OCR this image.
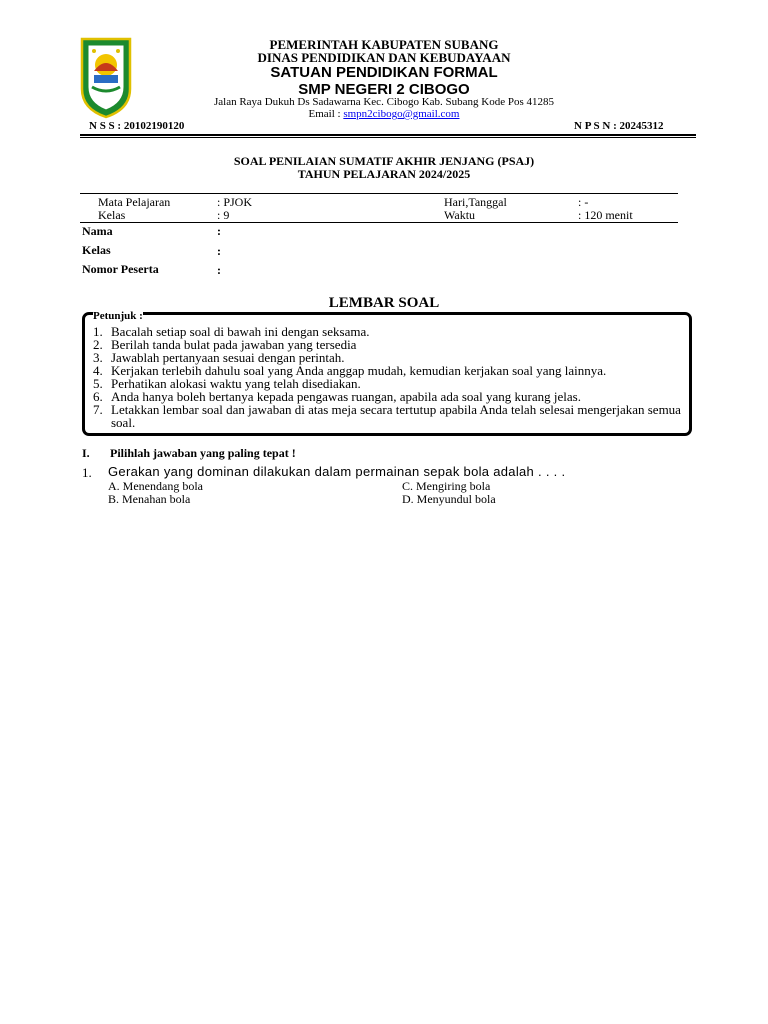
PEMERINTAH KABUPATEN SUBANG
DINAS PENDIDIKAN DAN KEBUDAYAAN
SATUAN PENDIDIKAN FORMAL
SMP NEGERI 2 CIBOGO
Jalan Raya Dukuh Ds Sadawarna Kec. Cibogo Kab. Subang Kode Pos 41285
Email : smpn2cibogo@gmail.com
N S S : 20102190120	N P S N : 20245312
SOAL PENILAIAN SUMATIF AKHIR JENJANG (PSAJ)
TAHUN PELAJARAN 2024/2025
Mata Pelajaran	: PJOK	Hari,Tanggal	: -
Kelas	: 9	Waktu	: 120 menit
Nama	:
Kelas	:
Nomor Peserta	:
LEMBAR SOAL
Petunjuk :
1. Bacalah setiap soal di bawah ini dengan seksama.
2. Berilah tanda bulat pada jawaban yang tersedia
3. Jawablah pertanyaan sesuai dengan perintah.
4. Kerjakan terlebih dahulu soal yang Anda anggap mudah, kemudian kerjakan soal yang lainnya.
5. Perhatikan alokasi waktu yang telah disediakan.
6. Anda hanya boleh bertanya kepada pengawas ruangan, apabila ada soal yang kurang jelas.
7. Letakkan lembar soal dan jawaban di atas meja secara tertutup apabila Anda telah selesai mengerjakan semua soal.
I. Pilihlah jawaban yang paling tepat !
1. Gerakan yang dominan dilakukan dalam permainan sepak bola adalah . . . .
A. Menendang bola
B. Menahan bola
C. Mengiring bola
D. Menyundul bola
